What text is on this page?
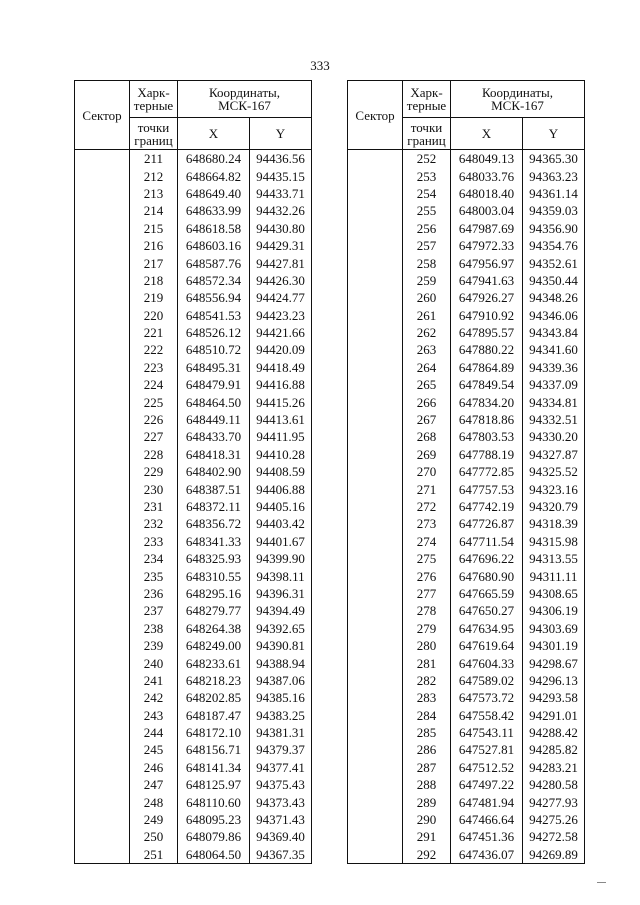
333
Сектор	Харк-
терные	Координаты,
МСК-167	
	точки
границ	X	Y
	211	648680.24	94436.56
	212	648664.82	94435.15
	213	648649.40	94433.71
	214	648633.99	94432.26
	215	648618.58	94430.80
	216	648603.16	94429.31
	217	648587.76	94427.81
	218	648572.34	94426.30
	219	648556.94	94424.77
	220	648541.53	94423.23
	221	648526.12	94421.66
	222	648510.72	94420.09
	223	648495.31	94418.49
	224	648479.91	94416.88
	225	648464.50	94415.26
	226	648449.11	94413.61
	227	648433.70	94411.95
	228	648418.31	94410.28
	229	648402.90	94408.59
	230	648387.51	94406.88
	231	648372.11	94405.16
	232	648356.72	94403.42
	233	648341.33	94401.67
	234	648325.93	94399.90
	235	648310.55	94398.11
	236	648295.16	94396.31
	237	648279.77	94394.49
	238	648264.38	94392.65
	239	648249.00	94390.81
	240	648233.61	94388.94
	241	648218.23	94387.06
	242	648202.85	94385.16
	243	648187.47	94383.25
	244	648172.10	94381.31
	245	648156.71	94379.37
	246	648141.34	94377.41
	247	648125.97	94375.43
	248	648110.60	94373.43
	249	648095.23	94371.43
	250	648079.86	94369.40
	251	648064.50	94367.35
Сектор	Харк-
терные	Координаты,
МСК-167	
	точки
границ	X	Y
	252	648049.13	94365.30
	253	648033.76	94363.23
	254	648018.40	94361.14
	255	648003.04	94359.03
	256	647987.69	94356.90
	257	647972.33	94354.76
	258	647956.97	94352.61
	259	647941.63	94350.44
	260	647926.27	94348.26
	261	647910.92	94346.06
	262	647895.57	94343.84
	263	647880.22	94341.60
	264	647864.89	94339.36
	265	647849.54	94337.09
	266	647834.20	94334.81
	267	647818.86	94332.51
	268	647803.53	94330.20
	269	647788.19	94327.87
	270	647772.85	94325.52
	271	647757.53	94323.16
	272	647742.19	94320.79
	273	647726.87	94318.39
	274	647711.54	94315.98
	275	647696.22	94313.55
	276	647680.90	94311.11
	277	647665.59	94308.65
	278	647650.27	94306.19
	279	647634.95	94303.69
	280	647619.64	94301.19
	281	647604.33	94298.67
	282	647589.02	94296.13
	283	647573.72	94293.58
	284	647558.42	94291.01
	285	647543.11	94288.42
	286	647527.81	94285.82
	287	647512.52	94283.21
	288	647497.22	94280.58
	289	647481.94	94277.93
	290	647466.64	94275.26
	291	647451.36	94272.58
	292	647436.07	94269.89
